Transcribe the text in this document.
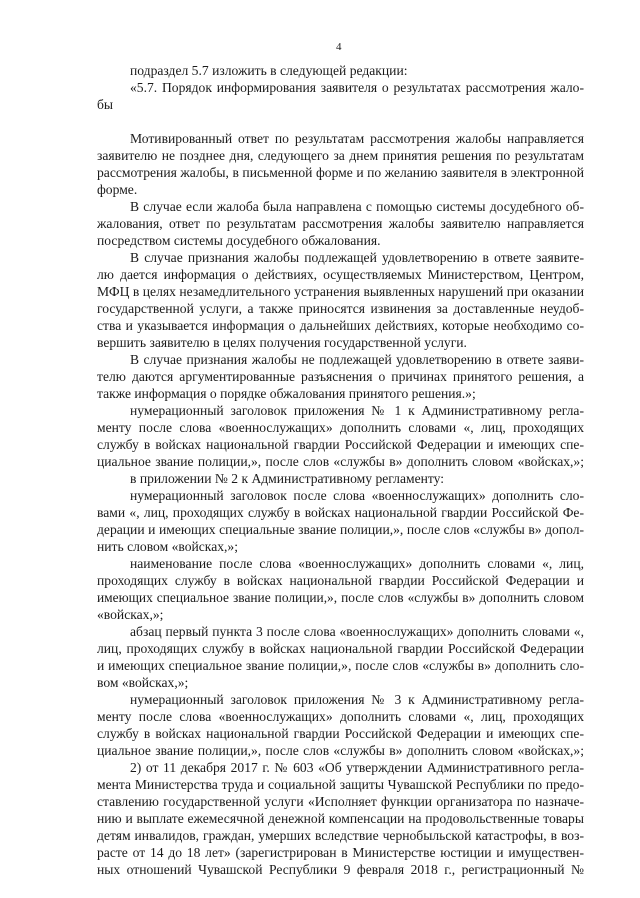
4
подраздел 5.7 изложить в следующей редакции:
«5.7. Порядок информирования заявителя о результатах рассмотрения жало-
бы
Мотивированный ответ по результатам рассмотрения жалобы направляется
заявителю не позднее дня, следующего за днем принятия решения по результатам
рассмотрения жалобы, в письменной форме и по желанию заявителя в электронной
форме.
В случае если жалоба была направлена с помощью системы досудебного об-
жалования, ответ по результатам рассмотрения жалобы заявителю направляется
посредством системы досудебного обжалования.
В случае признания жалобы подлежащей удовлетворению в ответе заявите-
лю дается информация о действиях, осуществляемых Министерством, Центром,
МФЦ в целях незамедлительного устранения выявленных нарушений при оказании
государственной услуги, а также приносятся извинения за доставленные неудоб-
ства и указывается информация о дальнейших действиях, которые необходимо со-
вершить заявителю в целях получения государственной услуги.
В случае признания жалобы не подлежащей удовлетворению в ответе заяви-
телю даются аргументированные разъяснения о причинах принятого решения, а
также информация о порядке обжалования принятого решения.»;
нумерационный заголовок приложения № 1 к Административному регла-
менту после слова «военнослужащих» дополнить словами «, лиц, проходящих
службу в войсках национальной гвардии Российской Федерации и имеющих спе-
циальное звание полиции,», после слов «службы в» дополнить словом «войсках,»;
в приложении № 2 к Административному регламенту:
нумерационный заголовок после слова «военнослужащих» дополнить сло-
вами «, лиц, проходящих службу в войсках национальной гвардии Российской Фе-
дерации и имеющих специальные звание полиции,», после слов «службы в» допол-
нить словом «войсках,»;
наименование после слова «военнослужащих» дополнить словами «, лиц,
проходящих службу в войсках национальной гвардии Российской Федерации и
имеющих специальное звание полиции,», после слов «службы в» дополнить словом
«войсках,»;
абзац первый пункта 3 после слова «военнослужащих» дополнить словами «,
лиц, проходящих службу в войсках национальной гвардии Российской Федерации
и имеющих специальное звание полиции,», после слов «службы в» дополнить сло-
вом «войсках,»;
нумерационный заголовок приложения № 3 к Административному регла-
менту после слова «военнослужащих» дополнить словами «, лиц, проходящих
службу в войсках национальной гвардии Российской Федерации и имеющих спе-
циальное звание полиции,», после слов «службы в» дополнить словом «войсках,»;
2) от 11 декабря 2017 г. № 603 «Об утверждении Административного регла-
мента Министерства труда и социальной защиты Чувашской Республики по предо-
ставлению государственной услуги «Исполняет функции организатора по назначе-
нию и выплате ежемесячной денежной компенсации на продовольственные товары
детям инвалидов, граждан, умерших вследствие чернобыльской катастрофы, в воз-
расте от 14 до 18 лет» (зарегистрирован в Министерстве юстиции и имуществен-
ных отношений Чувашской Республики 9 февраля 2018 г., регистрационный №
